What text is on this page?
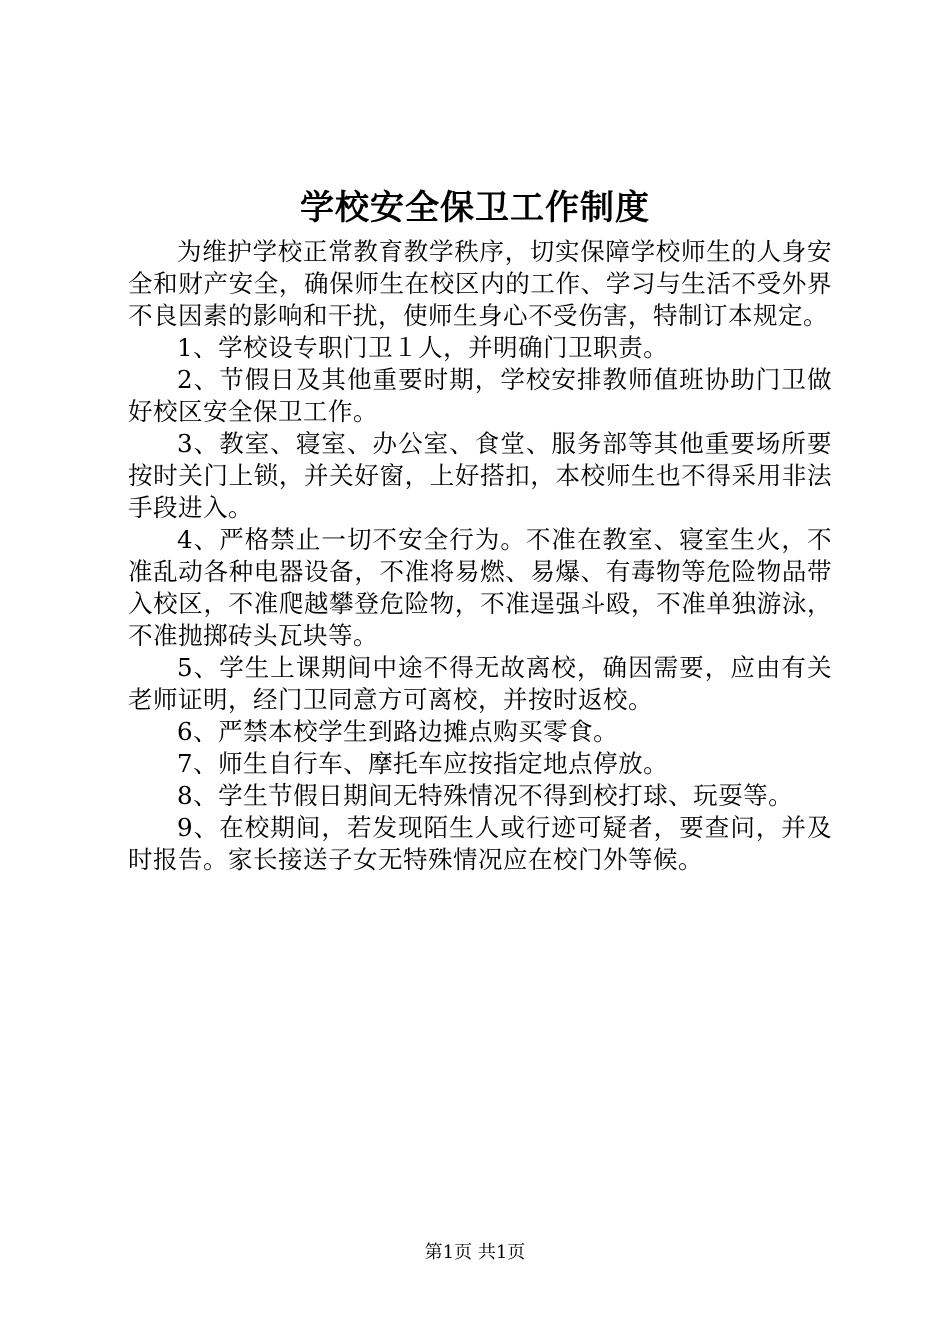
学校安全保卫工作制度

为维护学校正常教育教学秩序，切实保障学校师生的人身安全和财产安全，确保师生在校区内的工作、学习与生活不受外界不良因素的影响和干扰，使师生身心不受伤害，特制订本规定。

1、学校设专职门卫１人，并明确门卫职责。

2、节假日及其他重要时期，学校安排教师值班协助门卫做好校区安全保卫工作。

3、教室、寝室、办公室、食堂、服务部等其他重要场所要按时关门上锁，并关好窗，上好搭扣，本校师生也不得采用非法手段进入。

4、严格禁止一切不安全行为。不准在教室、寝室生火，不准乱动各种电器设备，不准将易燃、易爆、有毒物等危险物品带入校区，不准爬越攀登危险物，不准逞强斗殴，不准单独游泳，不准抛掷砖头瓦块等。

5、学生上课期间中途不得无故离校，确因需要，应由有关老师证明，经门卫同意方可离校，并按时返校。

6、严禁本校学生到路边摊点购买零食。

7、师生自行车、摩托车应按指定地点停放。

8、学生节假日期间无特殊情况不得到校打球、玩耍等。

9、在校期间，若发现陌生人或行迹可疑者，要查问，并及时报告。家长接送子女无特殊情况应在校门外等候。

第1页 共1页
